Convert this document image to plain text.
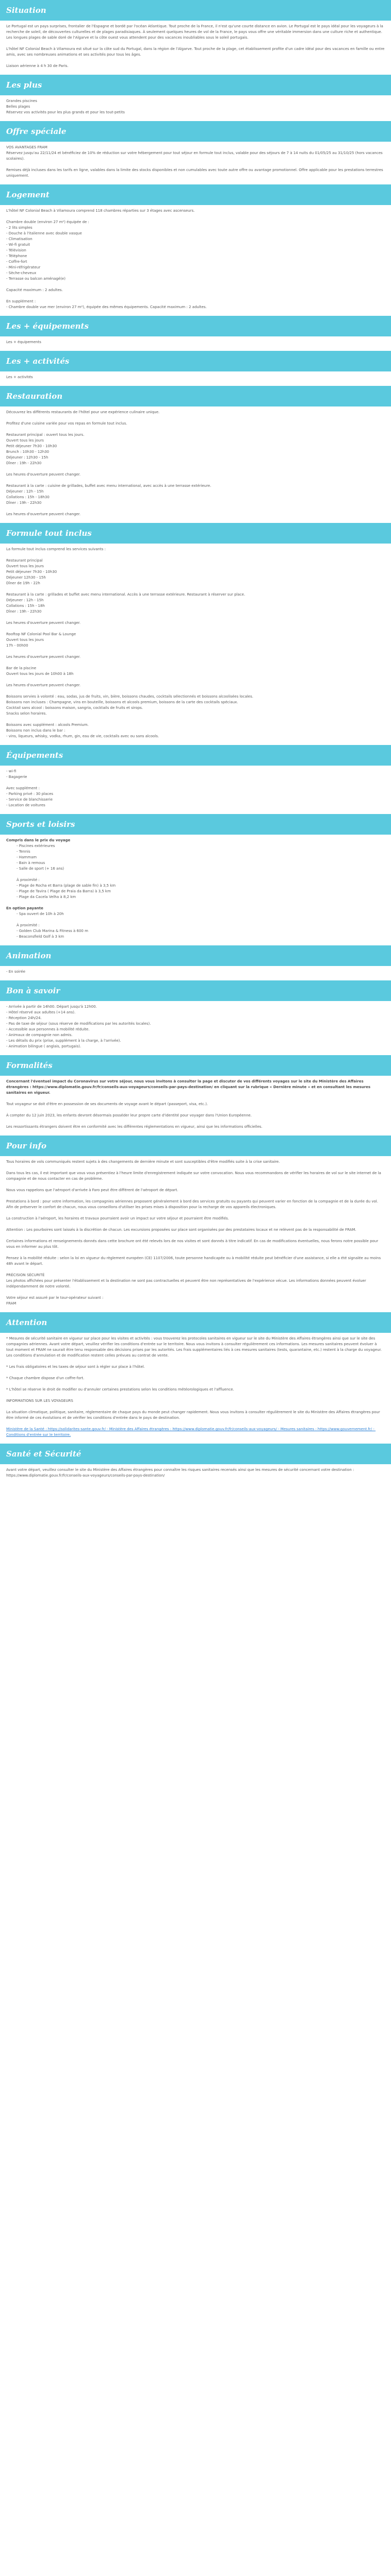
Situation

Le Portugal est un pays surprises, frontalier de l'Espagne et bordé par l'océan Atlantique. Tout proche de la France, il n'est qu'une courte distance en avion. Le Portugal est le pays idéal pour les voyageurs à la recherche de soleil, de découvertes culturelles et de plages paradisiaques. À seulement quelques heures de vol de la France, le pays vous offre une véritable immersion dans une culture riche et authentique. Les longues plages de sable doré de l'Algarve et la côte ouest vous attendent pour des vacances inoubliables sous le soleil portugais.

L'hôtel NF Colonial Beach à Vilamoura est situé sur la côte sud du Portugal, dans la région de l'Algarve. Tout proche de la plage, cet établissement profite d'un cadre idéal pour des vacances en famille ou entre amis, avec ses nombreuses animations et ses activités pour tous les âges.

Liaison aérienne à 4 h 30 de Paris.

Les plus
Grandes piscines
Belles plages
Réservez vos activités pour les plus grands et pour les tout-petits
Offre spéciale

VOS AVANTAGES FRAM

Réservez jusqu'au 22/11/24 et bénéficiez de 10% de réduction sur votre hébergement pour tout séjour en formule tout inclus, valable pour des séjours de 7 à 14 nuits du 01/05/25 au 31/10/25 (hors vacances scolaires).

Remises déjà incluses dans les tarifs en ligne, valables dans la limite des stocks disponibles et non cumulables avec toute autre offre ou avantage promotionnel. Offre applicable pour les prestations terrestres uniquement.

Logement

L'hôtel NF Colonial Beach à Vilamoura comprend 118 chambres réparties sur 3 étages avec ascenseurs.

Chambre double (environ 27 m²) équipée de :

- 2 lits simples
- Douche à l'italienne avec double vasque
- Climatisation
- Wi-fi gratuit
- Télévision
- Téléphone
- Coffre-fort
- Mini-réfrigérateur
- Sèche-cheveux
- Terrasse ou balcon aménagé(e)

Capacité maximum : 2 adultes.

En supplément :

- Chambre double vue mer (environ 27 m²), équipée des mêmes équipements. Capacité maximum : 2 adultes.

Les + équipements

Les + équipements

Les + activités

Les + activités

Restauration

Découvrez les différents restaurants de l'hôtel pour une expérience culinaire unique.

Profitez d'une cuisine variée pour vos repas en formule tout inclus.

Restaurant principal : ouvert tous les jours.

Ouvert tous les jours
Petit déjeuner 7h30 - 10h30
Brunch : 10h30 - 12h30
Déjeuner : 12h30 - 15h
Dîner : 19h - 22h30

Les heures d'ouverture peuvent changer.

Restaurant à la carte : cuisine de grillades, buffet avec menu international, avec accès à une terrasse extérieure.

Déjeuner : 12h - 15h
Collations : 15h - 18h30
Dîner : 19h - 22h30

Les heures d'ouverture peuvent changer.

Formule tout inclus

La formule tout inclus comprend les services suivants :

Restaurant principal
Ouvert tous les jours
Petit déjeuner 7h30 - 10h30
Déjeuner 12h30 - 15h
Dîner de 19h - 22h

Restaurant à la carte : grillades et buffet avec menu international. Accès à une terrasse extérieure. Restaurant à réserver sur place.

Déjeuner : 12h - 15h
Collations : 15h - 18h
Dîner : 19h - 22h30

Les heures d'ouverture peuvent changer.

Rooftop NF Colonial Pool Bar & Lounge

Ouvert tous les jours
17h - 00h00

Les heures d'ouverture peuvent changer.

Bar de la piscine

Ouvert tous les jours de 10h00 à 18h

Les heures d'ouverture peuvent changer.

Boissons servies à volonté : eau, sodas, jus de fruits, vin, bière, boissons chaudes, cocktails sélectionnés et boissons alcoolisées locales.

Boissons non incluses : Champagne, vins en bouteille, boissons et alcools premium, boissons de la carte des cocktails spéciaux.

Cocktail sans alcool : boissons maison, sangria, cocktails de fruits et sirops.

Snacks selon horaires.

Boissons avec supplément : alcools Premium.

Boissons non inclus dans le bar :

- vins, liqueurs, whisky, vodka, rhum, gin, eau de vie, cocktails avec ou sans alcools.

Équipements
- wi-fi
- Bagagerie

Avec supplément :

- Parking privé : 30 places
- Service de blanchisserie
- Location de voitures
Sports et loisirs

Compris dans le prix du voyage

- Piscines extérieures
- Tennis
- Hammam
- Bain à remous
- Salle de sport (+ 16 ans)

À proximité :

- Plage de Rocha et Barra (plage de sable fin) à 3,5 km
- Plage de Tavira ( Plage de Praia da Barra) à 3,5 km
- Plage da Cacela Velha à 8,2 km

En option payante

- Spa ouvert de 10h à 20h

À proximité :

- Golden Club Marina & Fitness à 600 m
- Beaconsfield Golf à 3 km
Animation

- En soirée

Bon à savoir
- Arrivée à partir de 14h00. Départ jusqu'à 12h00.
- Hôtel réservé aux adultes (+14 ans).
- Réception 24h/24.
- Pas de taxe de séjour (sous réserve de modifications par les autorités locales).
- Accessible aux personnes à mobilité réduite.
- Animaux de compagnie non admis.
- Les détails du prix (prise, supplément à la charge, à l'arrivée).
- Animation bilingue ( anglais, portugais).
Formalités

Concernant l'éventuel impact du Coronavirus sur votre séjour, nous vous invitons à consulter la page et discuter de vos différents voyages sur le site du Ministère des Affaires étrangères : https://www.diplomatie.gouv.fr/fr/conseils-aux-voyageurs/conseils-par-pays-destination/ en cliquant sur la rubrique « Dernière minute » et en consultant les mesures sanitaires en vigueur.

Tout voyageur se doit d'être en possession de ses documents de voyage avant le départ (passeport, visa, etc.).

À compter du 12 juin 2023, les enfants devront désormais posséder leur propre carte d'identité pour voyager dans l'Union Européenne.

Les ressortissants étrangers doivent être en conformité avec les différentes réglementations en vigueur, ainsi que les informations officielles.

Pour info

Tous horaires de vols communiqués restent sujets à des changements de dernière minute et sont susceptibles d'être modifiés suite à la crise sanitaire.

Dans tous les cas, il est important que vous vous présentiez à l'heure limite d'enregistrement indiquée sur votre convocation. Nous vous recommandons de vérifier les horaires de vol sur le site internet de la compagnie et de nous contacter en cas de problème.

Nous vous rappelons que l'aéroport d'arrivée à Faro peut être différent de l'aéroport de départ.

Prestations à bord : pour votre information, les compagnies aériennes proposent généralement à bord des services gratuits ou payants qui peuvent varier en fonction de la compagnie et de la durée du vol. Afin de préserver le confort de chacun, nous vous conseillons d'utiliser les prises mises à disposition pour la recharge de vos appareils électroniques.

La construction à l'aéroport, les horaires et travaux pourraient avoir un impact sur votre séjour et pourraient être modifiés.

Attention : Les pourboires sont laissés à la discrétion de chacun. Les excursions proposées sur place sont organisées par des prestataires locaux et ne relèvent pas de la responsabilité de FRAM.

Certaines informations et renseignements donnés dans cette brochure ont été relevés lors de nos visites et sont donnés à titre indicatif. En cas de modifications éventuelles, nous ferons notre possible pour vous en informer au plus tôt.

Pensez à la mobilité réduite : selon la loi en vigueur du règlement européen (CE) 1107/2006, toute personne handicapée ou à mobilité réduite peut bénéficier d'une assistance, si elle a été signalée au moins 48h avant le départ.

PRÉCISION SÉCURITÉ

Les photos affichées pour présenter l'établissement et la destination ne sont pas contractuelles et peuvent être non représentatives de l'expérience vécue. Les informations données peuvent évoluer indépendamment de notre volonté.

Votre séjour est assuré par le tour-opérateur suivant :

FRAM

Attention

* Mesures de sécurité sanitaire en vigueur sur place pour les visites et activités : vous trouverez les protocoles sanitaires en vigueur sur le site du Ministère des Affaires étrangères ainsi que sur le site des compagnies aériennes. Avant votre départ, veuillez vérifier les conditions d'entrée sur le territoire. Nous vous invitons à consulter régulièrement ces informations. Les mesures sanitaires peuvent évoluer à tout moment et FRAM ne saurait être tenu responsable des décisions prises par les autorités. Les frais supplémentaires liés à ces mesures sanitaires (tests, quarantaine, etc.) restent à la charge du voyageur. Les conditions d'annulation et de modification restent celles prévues au contrat de vente.

* Les frais obligatoires et les taxes de séjour sont à régler sur place à l'hôtel.

* Chaque chambre dispose d'un coffre-fort.

* L'hôtel se réserve le droit de modifier ou d'annuler certaines prestations selon les conditions météorologiques et l'affluence.

INFORMATIONS SUR LES VOYAGEURS

La situation climatique, politique, sanitaire, réglementaire de chaque pays du monde peut changer rapidement. Nous vous invitons à consulter régulièrement le site du Ministère des Affaires étrangères pour être informé de ces évolutions et de vérifier les conditions d'entrée dans le pays de destination.

Ministère de la Santé : https://solidarites-sante.gouv.fr/ - Ministère des Affaires étrangères : https://www.diplomatie.gouv.fr/fr/conseils-aux-voyageurs/ - Mesures sanitaires : https://www.gouvernement.fr/ - Conditions d'entrée sur le territoire.

Santé et Sécurité

Avant votre départ, veuillez consulter le site du Ministère des Affaires étrangères pour connaître les risques sanitaires recensés ainsi que les mesures de sécurité concernant votre destination : https://www.diplomatie.gouv.fr/fr/conseils-aux-voyageurs/conseils-par-pays-destination/
